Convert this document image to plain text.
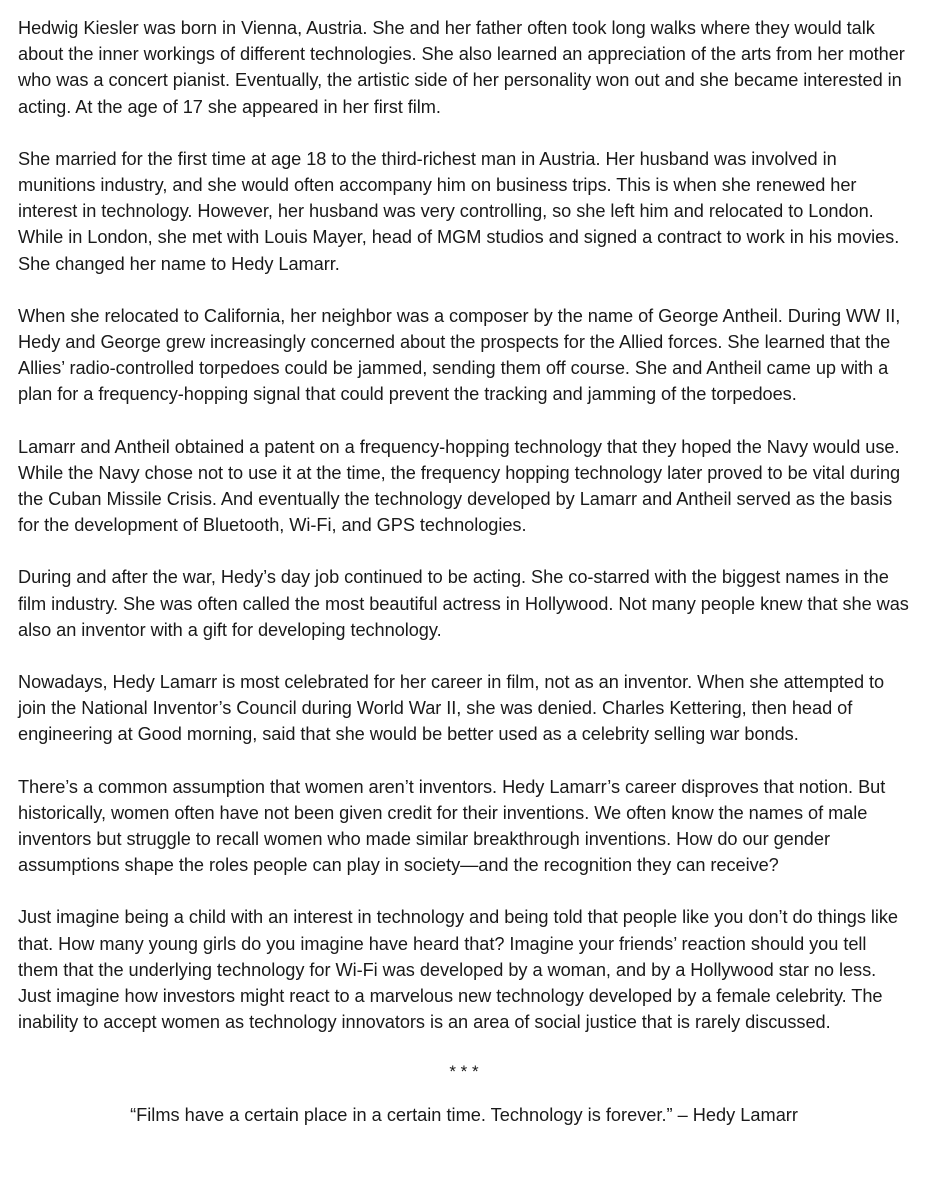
Hedwig Kiesler was born in Vienna, Austria. She and her father often took long walks where they would talk about the inner workings of different technologies. She also learned an appreciation of the arts from her mother who was a concert pianist. Eventually, the artistic side of her personality won out and she became interested in acting. At the age of 17 she appeared in her first film.

She married for the first time at age 18 to the third-richest man in Austria. Her husband was involved in munitions industry, and she would often accompany him on business trips. This is when she renewed her interest in technology. However, her husband was very controlling, so she left him and relocated to London. While in London, she met with Louis Mayer, head of MGM studios and signed a contract to work in his movies. She changed her name to Hedy Lamarr.

When she relocated to California, her neighbor was a composer by the name of George Antheil. During WW II, Hedy and George grew increasingly concerned about the prospects for the Allied forces. She learned that the Allies’ radio-controlled torpedoes could be jammed, sending them off course. She and Antheil came up with a plan for a frequency-hopping signal that could prevent the tracking and jamming of the torpedoes.

Lamarr and Antheil obtained a patent on a frequency-hopping technology that they hoped the Navy would use. While the Navy chose not to use it at the time, the frequency hopping technology later proved to be vital during the Cuban Missile Crisis. And eventually the technology developed by Lamarr and Antheil served as the basis for the development of Bluetooth, Wi-Fi, and GPS technologies.

During and after the war, Hedy’s day job continued to be acting. She co-starred with the biggest names in the film industry. She was often called the most beautiful actress in Hollywood. Not many people knew that she was also an inventor with a gift for developing technology.

Nowadays, Hedy Lamarr is most celebrated for her career in film, not as an inventor. When she attempted to join the National Inventor’s Council during World War II, she was denied. Charles Kettering, then head of engineering at Good morning, said that she would be better used as a celebrity selling war bonds.

There’s a common assumption that women aren’t inventors. Hedy Lamarr’s career disproves that notion. But historically, women often have not been given credit for their inventions. We often know the names of male inventors but struggle to recall women who made similar breakthrough inventions. How do our gender assumptions shape the roles people can play in society—and the recognition they can receive?

Just imagine being a child with an interest in technology and being told that people like you don’t do things like that. How many young girls do you imagine have heard that? Imagine your friends’ reaction should you tell them that the underlying technology for Wi-Fi was developed by a woman, and by a Hollywood star no less. Just imagine how investors might react to a marvelous new technology developed by a female celebrity. The inability to accept women as technology innovators is an area of social justice that is rarely discussed.

* * *

“Films have a certain place in a certain time. Technology is forever.” – Hedy Lamarr
